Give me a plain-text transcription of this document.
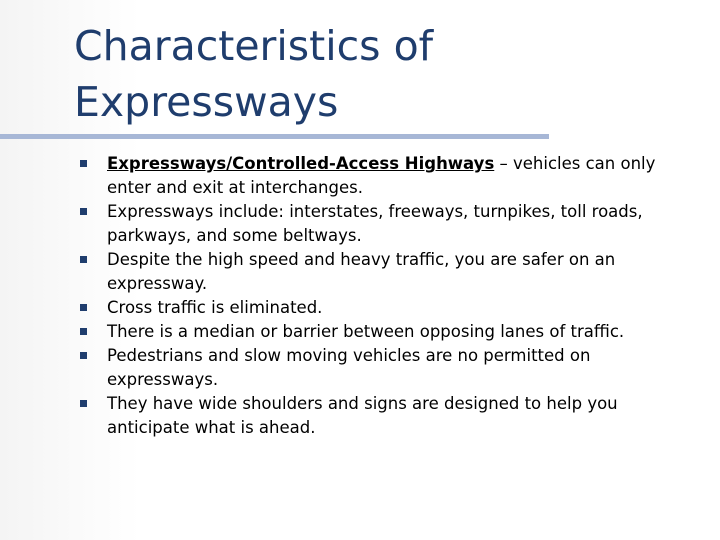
Characteristics of Expressways
Expressways/Controlled-Access Highways – vehicles can only enter and exit at interchanges.
Expressways include: interstates, freeways, turnpikes, toll roads, parkways, and some beltways.
Despite the high speed and heavy traffic, you are safer on an expressway.
Cross traffic is eliminated.
There is a median or barrier between opposing lanes of traffic.
Pedestrians and slow moving vehicles are no permitted on expressways.
They have wide shoulders and signs are designed to help you anticipate what is ahead.
